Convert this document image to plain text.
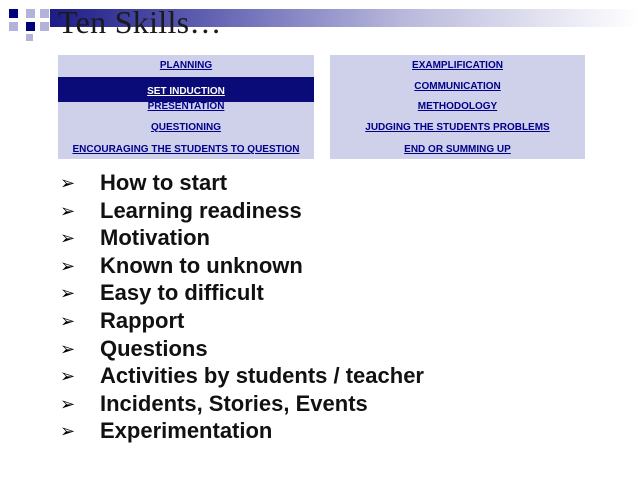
Ten Skills…
PLANNING
SET INDUCTION
PRESENTATION
QUESTIONING
ENCOURAGING THE STUDENTS TO QUESTION
EXAMPLIFICATION
COMMUNICATION
METHODOLOGY
JUDGING THE STUDENTS PROBLEMS
END OR SUMMING UP
➢ How to start
➢ Learning readiness
➢ Motivation
➢ Known to unknown
➢ Easy to difficult
➢ Rapport
➢ Questions
➢ Activities by students / teacher
➢ Incidents, Stories, Events
➢ Experimentation
